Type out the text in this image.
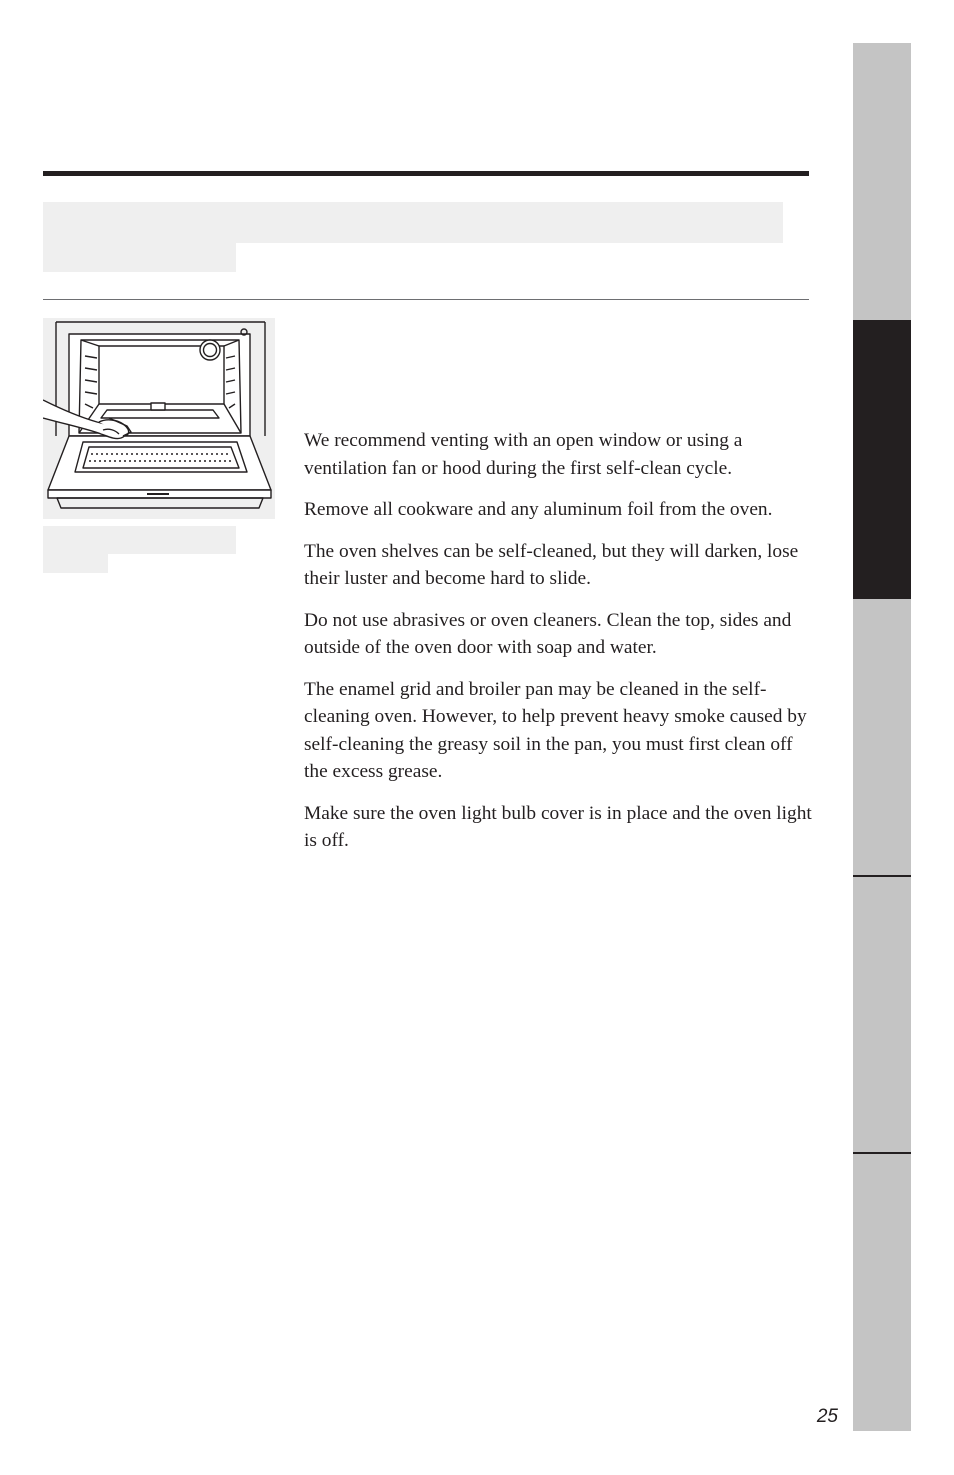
We recommend venting with an open window or using a ventilation fan or hood during the first self-clean cycle.

Remove all cookware and any aluminum foil from the oven.

The oven shelves can be self-cleaned, but they will darken, lose their luster and become hard to slide.

Do not use abrasives or oven cleaners. Clean the top, sides and outside of the oven door with soap and water.

The enamel grid and broiler pan may be cleaned in the self-cleaning oven. However, to help prevent heavy smoke caused by self-cleaning the greasy soil in the pan, you must first clean off the excess grease.

Make sure the oven light bulb cover is in place and the oven light is off.

25
